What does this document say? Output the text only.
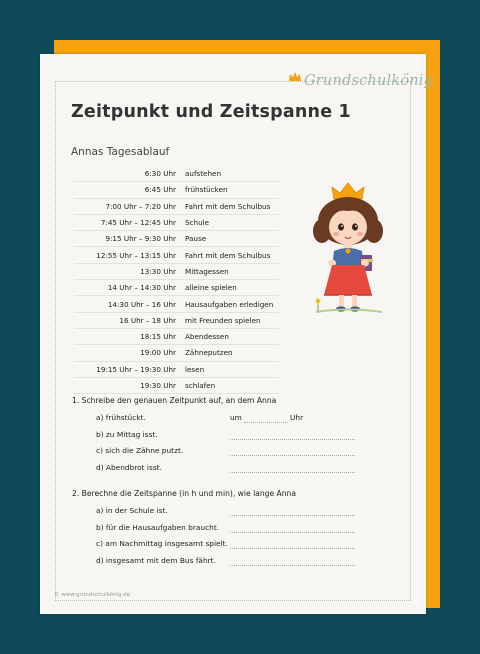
Grundschulkönig
Zeitpunkt und Zeitspanne 1
Annas Tagesablauf
6:30 Uhr	aufstehen
6:45 Uhr	frühstücken
7:00 Uhr – 7:20 Uhr	Fahrt mit dem Schulbus
7:45 Uhr – 12:45 Uhr	Schule
9:15 Uhr – 9:30 Uhr	Pause
12:55 Uhr – 13:15 Uhr	Fahrt mit dem Schulbus
13:30 Uhr	Mittagessen
14 Uhr – 14:30 Uhr	alleine spielen
14:30 Uhr – 16 Uhr	Hausaufgaben erledigen
16 Uhr – 18 Uhr	mit Freunden spielen
18:15 Uhr	Abendessen
19:00 Uhr	Zähneputzen
19:15 Uhr – 19:30 Uhr	lesen
19:30 Uhr	schlafen
1. Schreibe den genauen Zeitpunkt auf, an dem Anna
a) frühstückt.	um	Uhr
b) zu Mittag isst.
c) sich die Zähne putzt.
d) Abendbrot isst.
2. Berechne die Zeitspanne (in h und min), wie lange Anna
a) in der Schule ist.
b) für die Hausaufgaben braucht.
c) am Nachmittag insgesamt spielt.
d) insgesamt mit dem Bus fährt.
© www.grundschulkönig.de
